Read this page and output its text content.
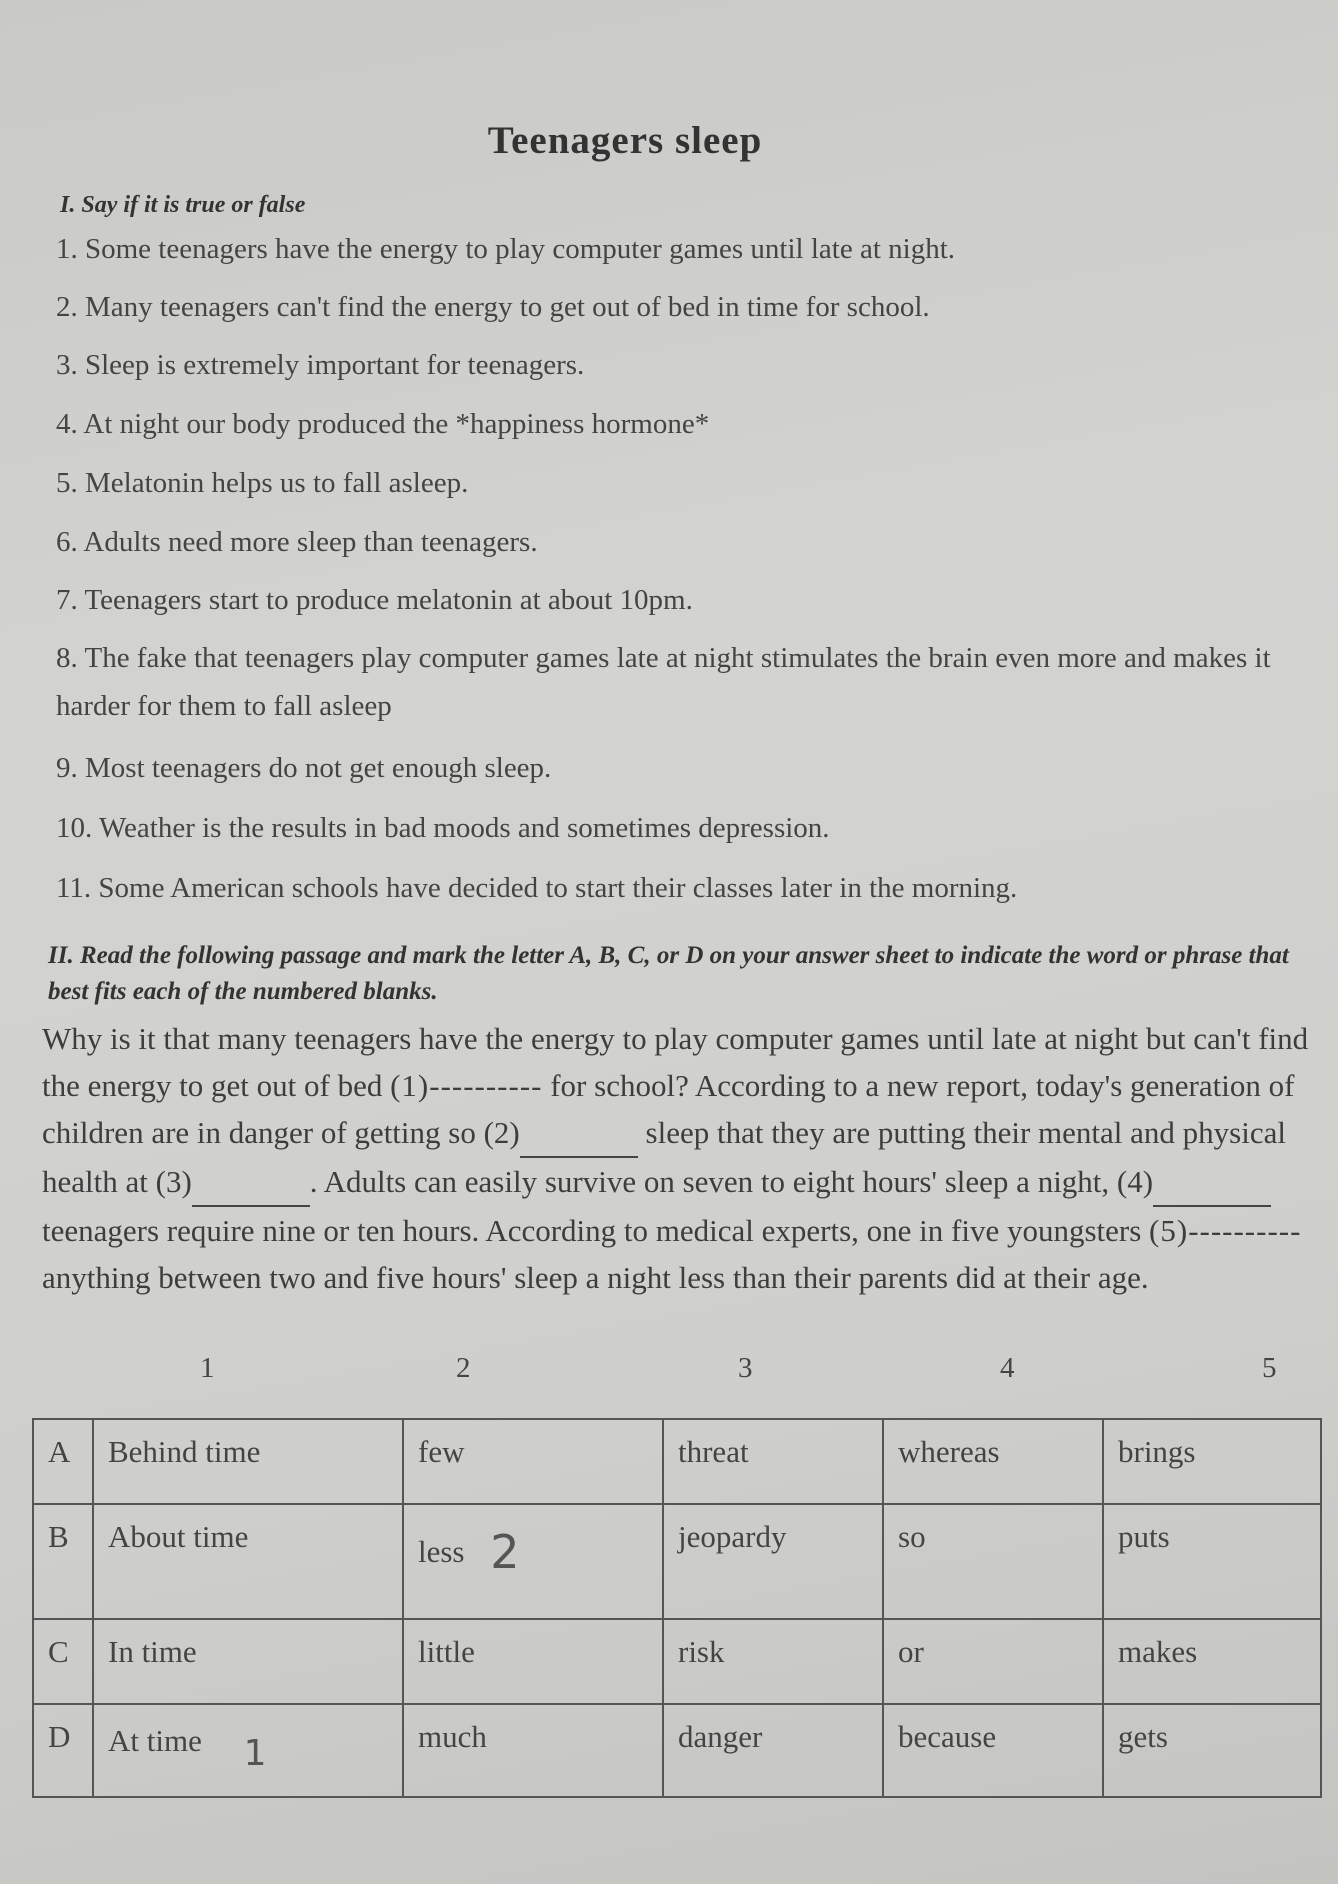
Teenagers sleep
I. Say if it is true or false
1. Some teenagers have the energy to play computer games until late at night.
2. Many teenagers can't find the energy to get out of bed in time for school.
3. Sleep is extremely important for teenagers.
4. At night our body produced the *happiness hormone*
5. Melatonin helps us to fall asleep.
6. Adults need more sleep than teenagers.
7. Teenagers start to produce melatonin at about 10pm.
8. The fake that teenagers play computer games late at night stimulates the brain even more and makes it harder for them to fall asleep
9. Most teenagers do not get enough sleep.
10. Weather is the results in bad moods and sometimes depression.
11. Some American schools have decided to start their classes later in the morning.
II. Read the following passage and mark the letter A, B, C, or D on your answer sheet to indicate the word or phrase that best fits each of the numbered blanks.
Why is it that many teenagers have the energy to play computer games until late at night but can't find the energy to get out of bed (1)---------- for school? According to a new report, today's generation of children are in danger of getting so (2)	sleep that they are putting their mental and physical health at (3)	. Adults can easily survive on seven to eight hours' sleep a night, (4) teenagers require nine or ten hours. According to medical experts, one in five youngsters (5)---------- anything between two and five hours' sleep a night less than their parents did at their age.
1	2	3	4	5
A	Behind time	few	threat	whereas	brings
B	About time	less 2	jeopardy	so	puts
C	In time	little	risk	or	makes
D	At time 1	much	danger	because	gets
